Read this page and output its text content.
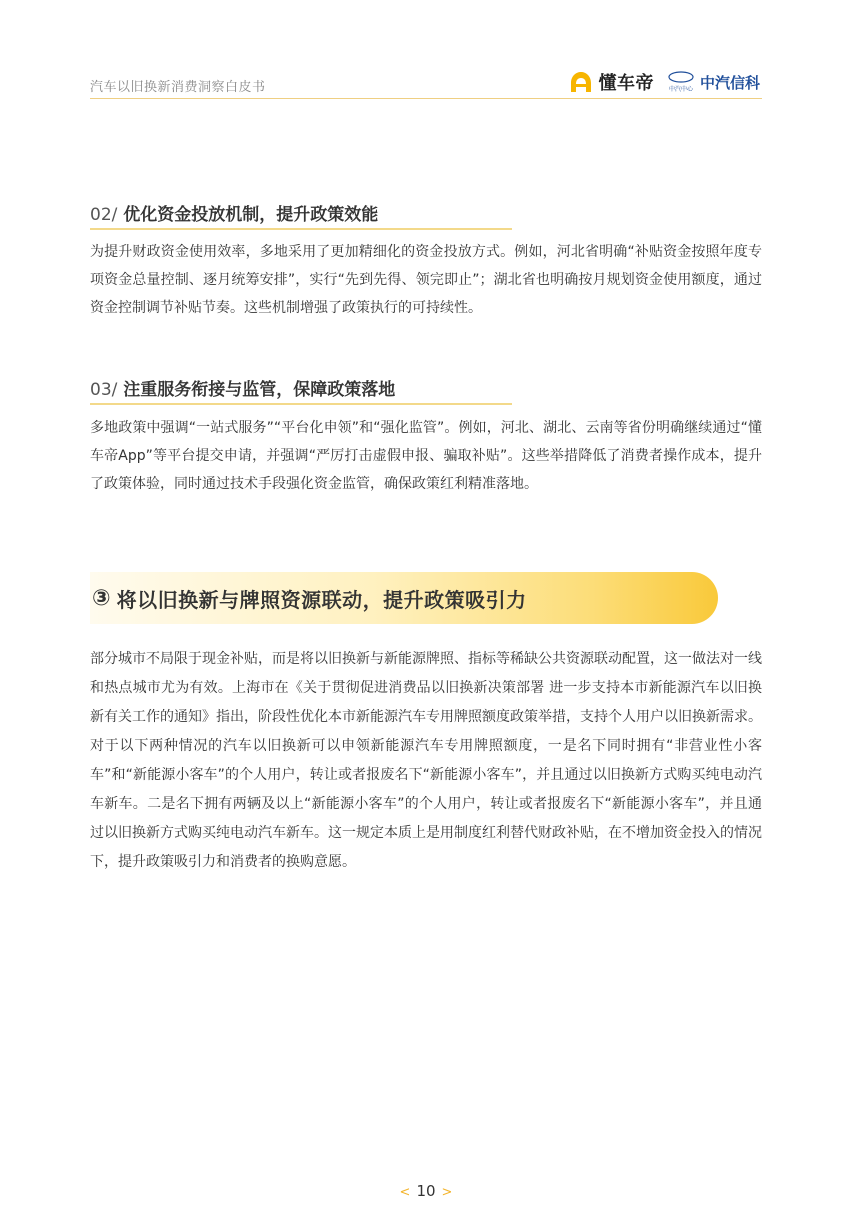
汽车以旧换新消费洞察白皮书	懂车帝 中汽中心 中汽信科
02/ 优化资金投放机制，提升政策效能

为提升财政资金使用效率，多地采用了更加精细化的资金投放方式。例如，河北省明确“补贴资金按照年度专项资金总量控制、逐月统筹安排”，实行“先到先得、领完即止”；湖北省也明确按月规划资金使用额度，通过资金控制调节补贴节奏。这些机制增强了政策执行的可持续性。

03/ 注重服务衔接与监管，保障政策落地

多地政策中强调“一站式服务”“平台化申领”和“强化监管”。例如，河北、湖北、云南等省份明确继续通过“懂车帝App”等平台提交申请，并强调“严厉打击虚假申报、骗取补贴”。这些举措降低了消费者操作成本，提升了政策体验，同时通过技术手段强化资金监管，确保政策红利精准落地。

③ 将以旧换新与牌照资源联动，提升政策吸引力

部分城市不局限于现金补贴，而是将以旧换新与新能源牌照、指标等稀缺公共资源联动配置，这一做法对一线和热点城市尤为有效。上海市在《关于贯彻促进消费品以旧换新决策部署 进一步支持本市新能源汽车以旧换新有关工作的通知》指出，阶段性优化本市新能源汽车专用牌照额度政策举措，支持个人用户以旧换新需求。对于以下两种情况的汽车以旧换新可以申领新能源汽车专用牌照额度，一是名下同时拥有“非营业性小客车”和“新能源小客车”的个人用户，转让或者报废名下“新能源小客车”，并且通过以旧换新方式购买纯电动汽车新车。二是名下拥有两辆及以上“新能源小客车”的个人用户，转让或者报废名下“新能源小客车”，并且通过以旧换新方式购买纯电动汽车新车。这一规定本质上是用制度红利替代财政补贴，在不增加资金投入的情况下，提升政策吸引力和消费者的换购意愿。

< 10 >
